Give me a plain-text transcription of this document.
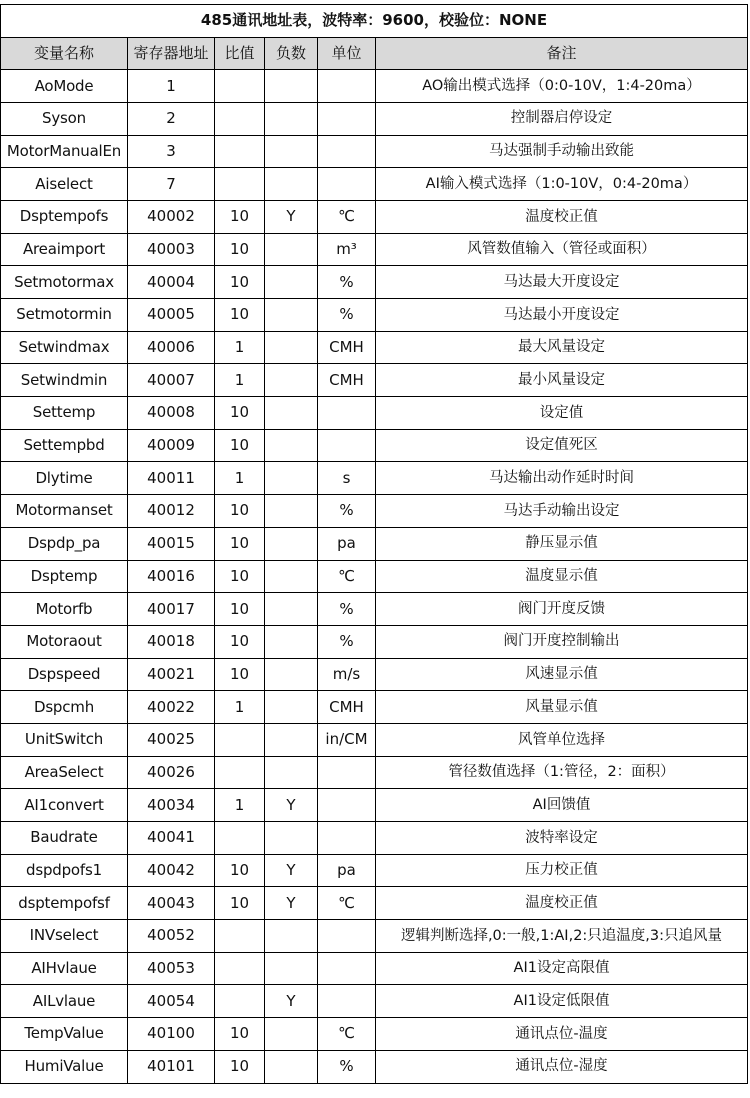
485通讯地址表，波特率：9600，校验位：NONE					
变量名称	寄存器地址	比值	负数	单位	备注
AoMode	1				AO输出模式选择（0:0-10V，1:4-20ma）
Syson	2				控制器启停设定
MotorManualEn	3				马达强制手动输出致能
Aiselect	7				AI输入模式选择（1:0-10V，0:4-20ma）
Dsptempofs	40002	10	Y	℃	温度校正值
Areaimport	40003	10		m³	风管数值输入（管径或面积）
Setmotormax	40004	10		%	马达最大开度设定
Setmotormin	40005	10		%	马达最小开度设定
Setwindmax	40006	1		CMH	最大风量设定
Setwindmin	40007	1		CMH	最小风量设定
Settemp	40008	10			设定值
Settempbd	40009	10			设定值死区
Dlytime	40011	1		s	马达输出动作延时时间
Motormanset	40012	10		%	马达手动输出设定
Dspdp_pa	40015	10		pa	静压显示值
Dsptemp	40016	10		℃	温度显示值
Motorfb	40017	10		%	阀门开度反馈
Motoraout	40018	10		%	阀门开度控制输出
Dspspeed	40021	10		m/s	风速显示值
Dspcmh	40022	1		CMH	风量显示值
UnitSwitch	40025			in/CM	风管单位选择
AreaSelect	40026				管径数值选择（1:管径，2：面积）
AI1convert	40034	1	Y		AI回馈值
Baudrate	40041				波特率设定
dspdpofs1	40042	10	Y	pa	压力校正值
dsptempofsf	40043	10	Y	℃	温度校正值
INVselect	40052				逻辑判断选择,0:一般,1:AI,2:只追温度,3:只追风量
AIHvlaue	40053				AI1设定高限值
AILvlaue	40054		Y		AI1设定低限值
TempValue	40100	10		℃	通讯点位-温度
HumiValue	40101	10		%	通讯点位-湿度
